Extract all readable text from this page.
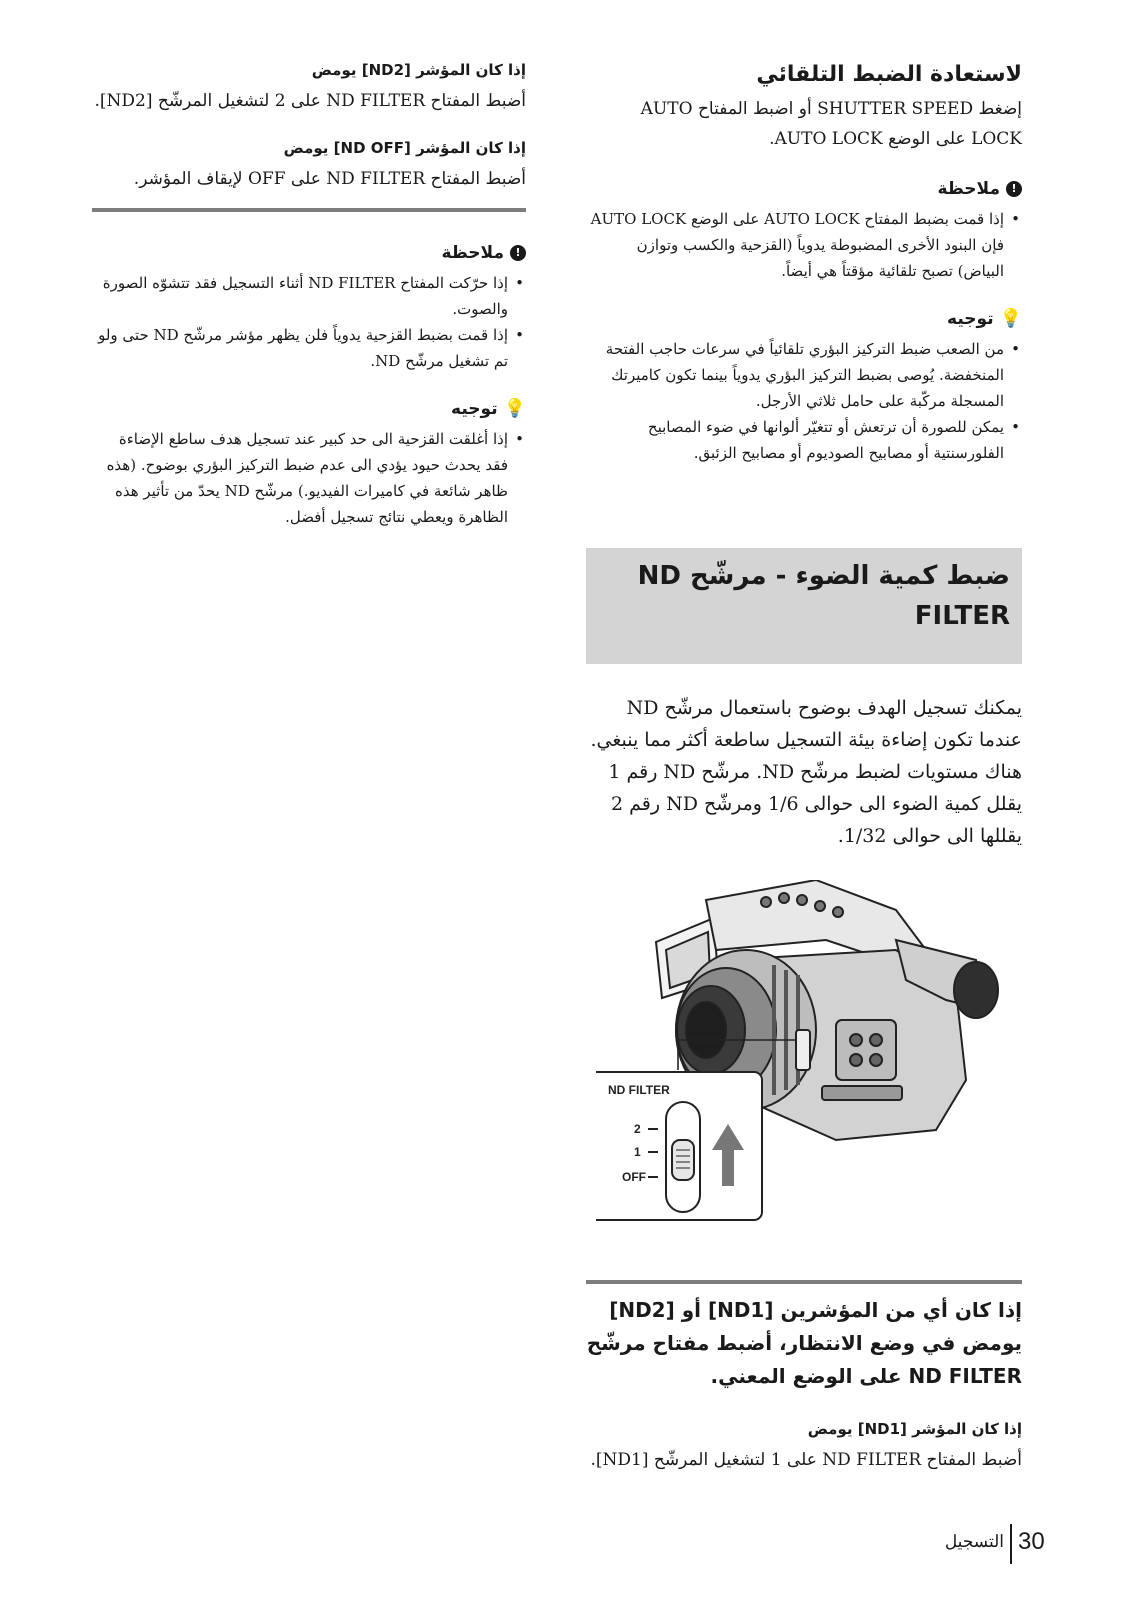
لاستعادة الضبط التلقائي

إضغط SHUTTER SPEED أو اضبط المفتاح AUTO LOCK على الوضع AUTO LOCK.

!
ملاحظة
• إذا قمت بضبط المفتاح AUTO LOCK على الوضع AUTO LOCK فإن البنود الأخرى المضبوطة يدوياً (القزحية والكسب وتوازن البياض) تصبح تلقائية مؤقتاً هي أيضاً.
💡
توجيه
• من الصعب ضبط التركيز البؤري تلقائياً في سرعات حاجب الفتحة المنخفضة. يُوصى بضبط التركيز البؤري يدوياً بينما تكون كاميرتك المسجلة مركّبة على حامل ثلاثي الأرجل.
• يمكن للصورة أن ترتعش أو تتغيّر ألوانها في ضوء المصابيح الفلورسنتية أو مصابيح الصوديوم أو مصابيح الزئبق.
ضبط كمية الضوء - مرشّح ND FILTER

يمكنك تسجيل الهدف بوضوح باستعمال مرشّح ND عندما تكون إضاءة بيئة التسجيل ساطعة أكثر مما ينبغي. هناك مستويات لضبط مرشّح ND. مرشّح ND رقم 1 يقلل كمية الضوء الى حوالى 1/6 ومرشّح ND رقم 2 يقللها الى حوالى 1/32.

ND FILTER
2
1
OFF
إذا كان أي من المؤشرين [ND1] أو [ND2] يومض في وضع الانتظار، أضبط مفتاح مرشّح ND FILTER على الوضع المعني.
إذا كان المؤشر [ND1] يومض

أضبط المفتاح ND FILTER على 1 لتشغيل المرشّح [ND1].

إذا كان المؤشر [ND2] يومض

أضبط المفتاح ND FILTER على 2 لتشغيل المرشّح [ND2].

إذا كان المؤشر [ND OFF] يومض

أضبط المفتاح ND FILTER على OFF لإيقاف المؤشر.

!
ملاحظة
• إذا حرّكت المفتاح ND FILTER أثناء التسجيل فقد تتشوّه الصورة والصوت.
• إذا قمت بضبط القزحية يدوياً فلن يظهر مؤشر مرشّح ND حتى ولو تم تشغيل مرشّح ND.
💡
توجيه
• إذا أغلقت القزحية الى حد كبير عند تسجيل هدف ساطع الإضاءة فقد يحدث حيود يؤدي الى عدم ضبط التركيز البؤري بوضوح. (هذه ظاهر شائعة في كاميرات الفيديو.) مرشّح ND يحدّ من تأثير هذه الظاهرة ويعطي نتائج تسجيل أفضل.
التسجيل 30
